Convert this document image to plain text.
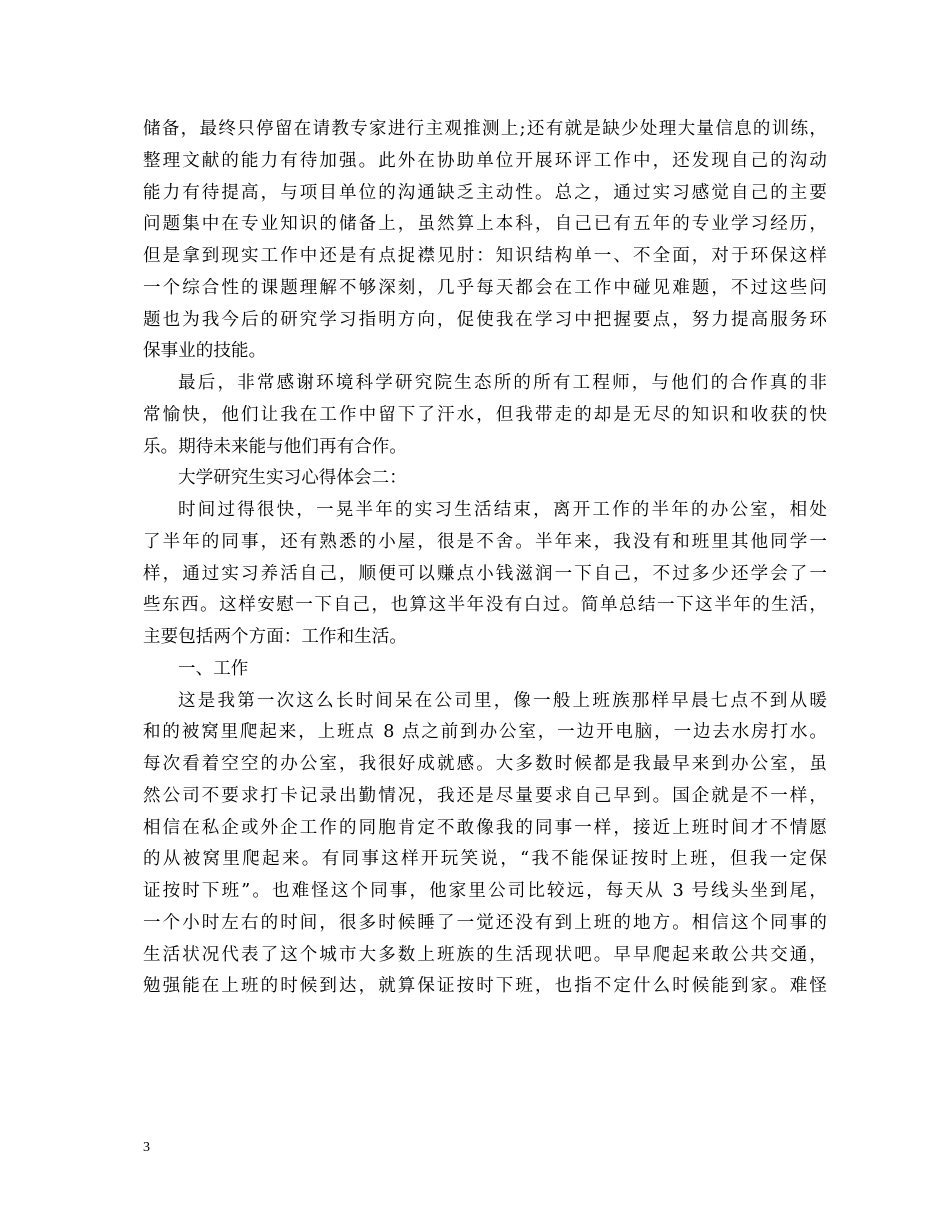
储备，最终只停留在请教专家进行主观推测上;还有就是缺少处理大量信息的训练，
整理文献的能力有待加强。此外在协助单位开展环评工作中，还发现自己的沟动
能力有待提高，与项目单位的沟通缺乏主动性。总之，通过实习感觉自己的主要
问题集中在专业知识的储备上，虽然算上本科，自己已有五年的专业学习经历，
但是拿到现实工作中还是有点捉襟见肘：知识结构单一、不全面，对于环保这样
一个综合性的课题理解不够深刻，几乎每天都会在工作中碰见难题，不过这些问
题也为我今后的研究学习指明方向，促使我在学习中把握要点，努力提高服务环
保事业的技能。
最后，非常感谢环境科学研究院生态所的所有工程师，与他们的合作真的非
常愉快，他们让我在工作中留下了汗水，但我带走的却是无尽的知识和收获的快
乐。期待未来能与他们再有合作。
大学研究生实习心得体会二：
时间过得很快，一晃半年的实习生活结束，离开工作的半年的办公室，相处
了半年的同事，还有熟悉的小屋，很是不舍。半年来，我没有和班里其他同学一
样，通过实习养活自己，顺便可以赚点小钱滋润一下自己，不过多少还学会了一
些东西。这样安慰一下自己，也算这半年没有白过。简单总结一下这半年的生活，
主要包括两个方面：工作和生活。
一、工作
这是我第一次这么长时间呆在公司里，像一般上班族那样早晨七点不到从暖
和的被窝里爬起来，上班点 8 点之前到办公室，一边开电脑，一边去水房打水。
每次看着空空的办公室，我很好成就感。大多数时候都是我最早来到办公室，虽
然公司不要求打卡记录出勤情况，我还是尽量要求自己早到。国企就是不一样，
相信在私企或外企工作的同胞肯定不敢像我的同事一样，接近上班时间才不情愿
的从被窝里爬起来。有同事这样开玩笑说，“我不能保证按时上班，但我一定保
证按时下班”。也难怪这个同事，他家里公司比较远，每天从 3 号线头坐到尾，
一个小时左右的时间，很多时候睡了一觉还没有到上班的地方。相信这个同事的
生活状况代表了这个城市大多数上班族的生活现状吧。早早爬起来敢公共交通，
勉强能在上班的时候到达，就算保证按时下班，也指不定什么时候能到家。难怪
3
